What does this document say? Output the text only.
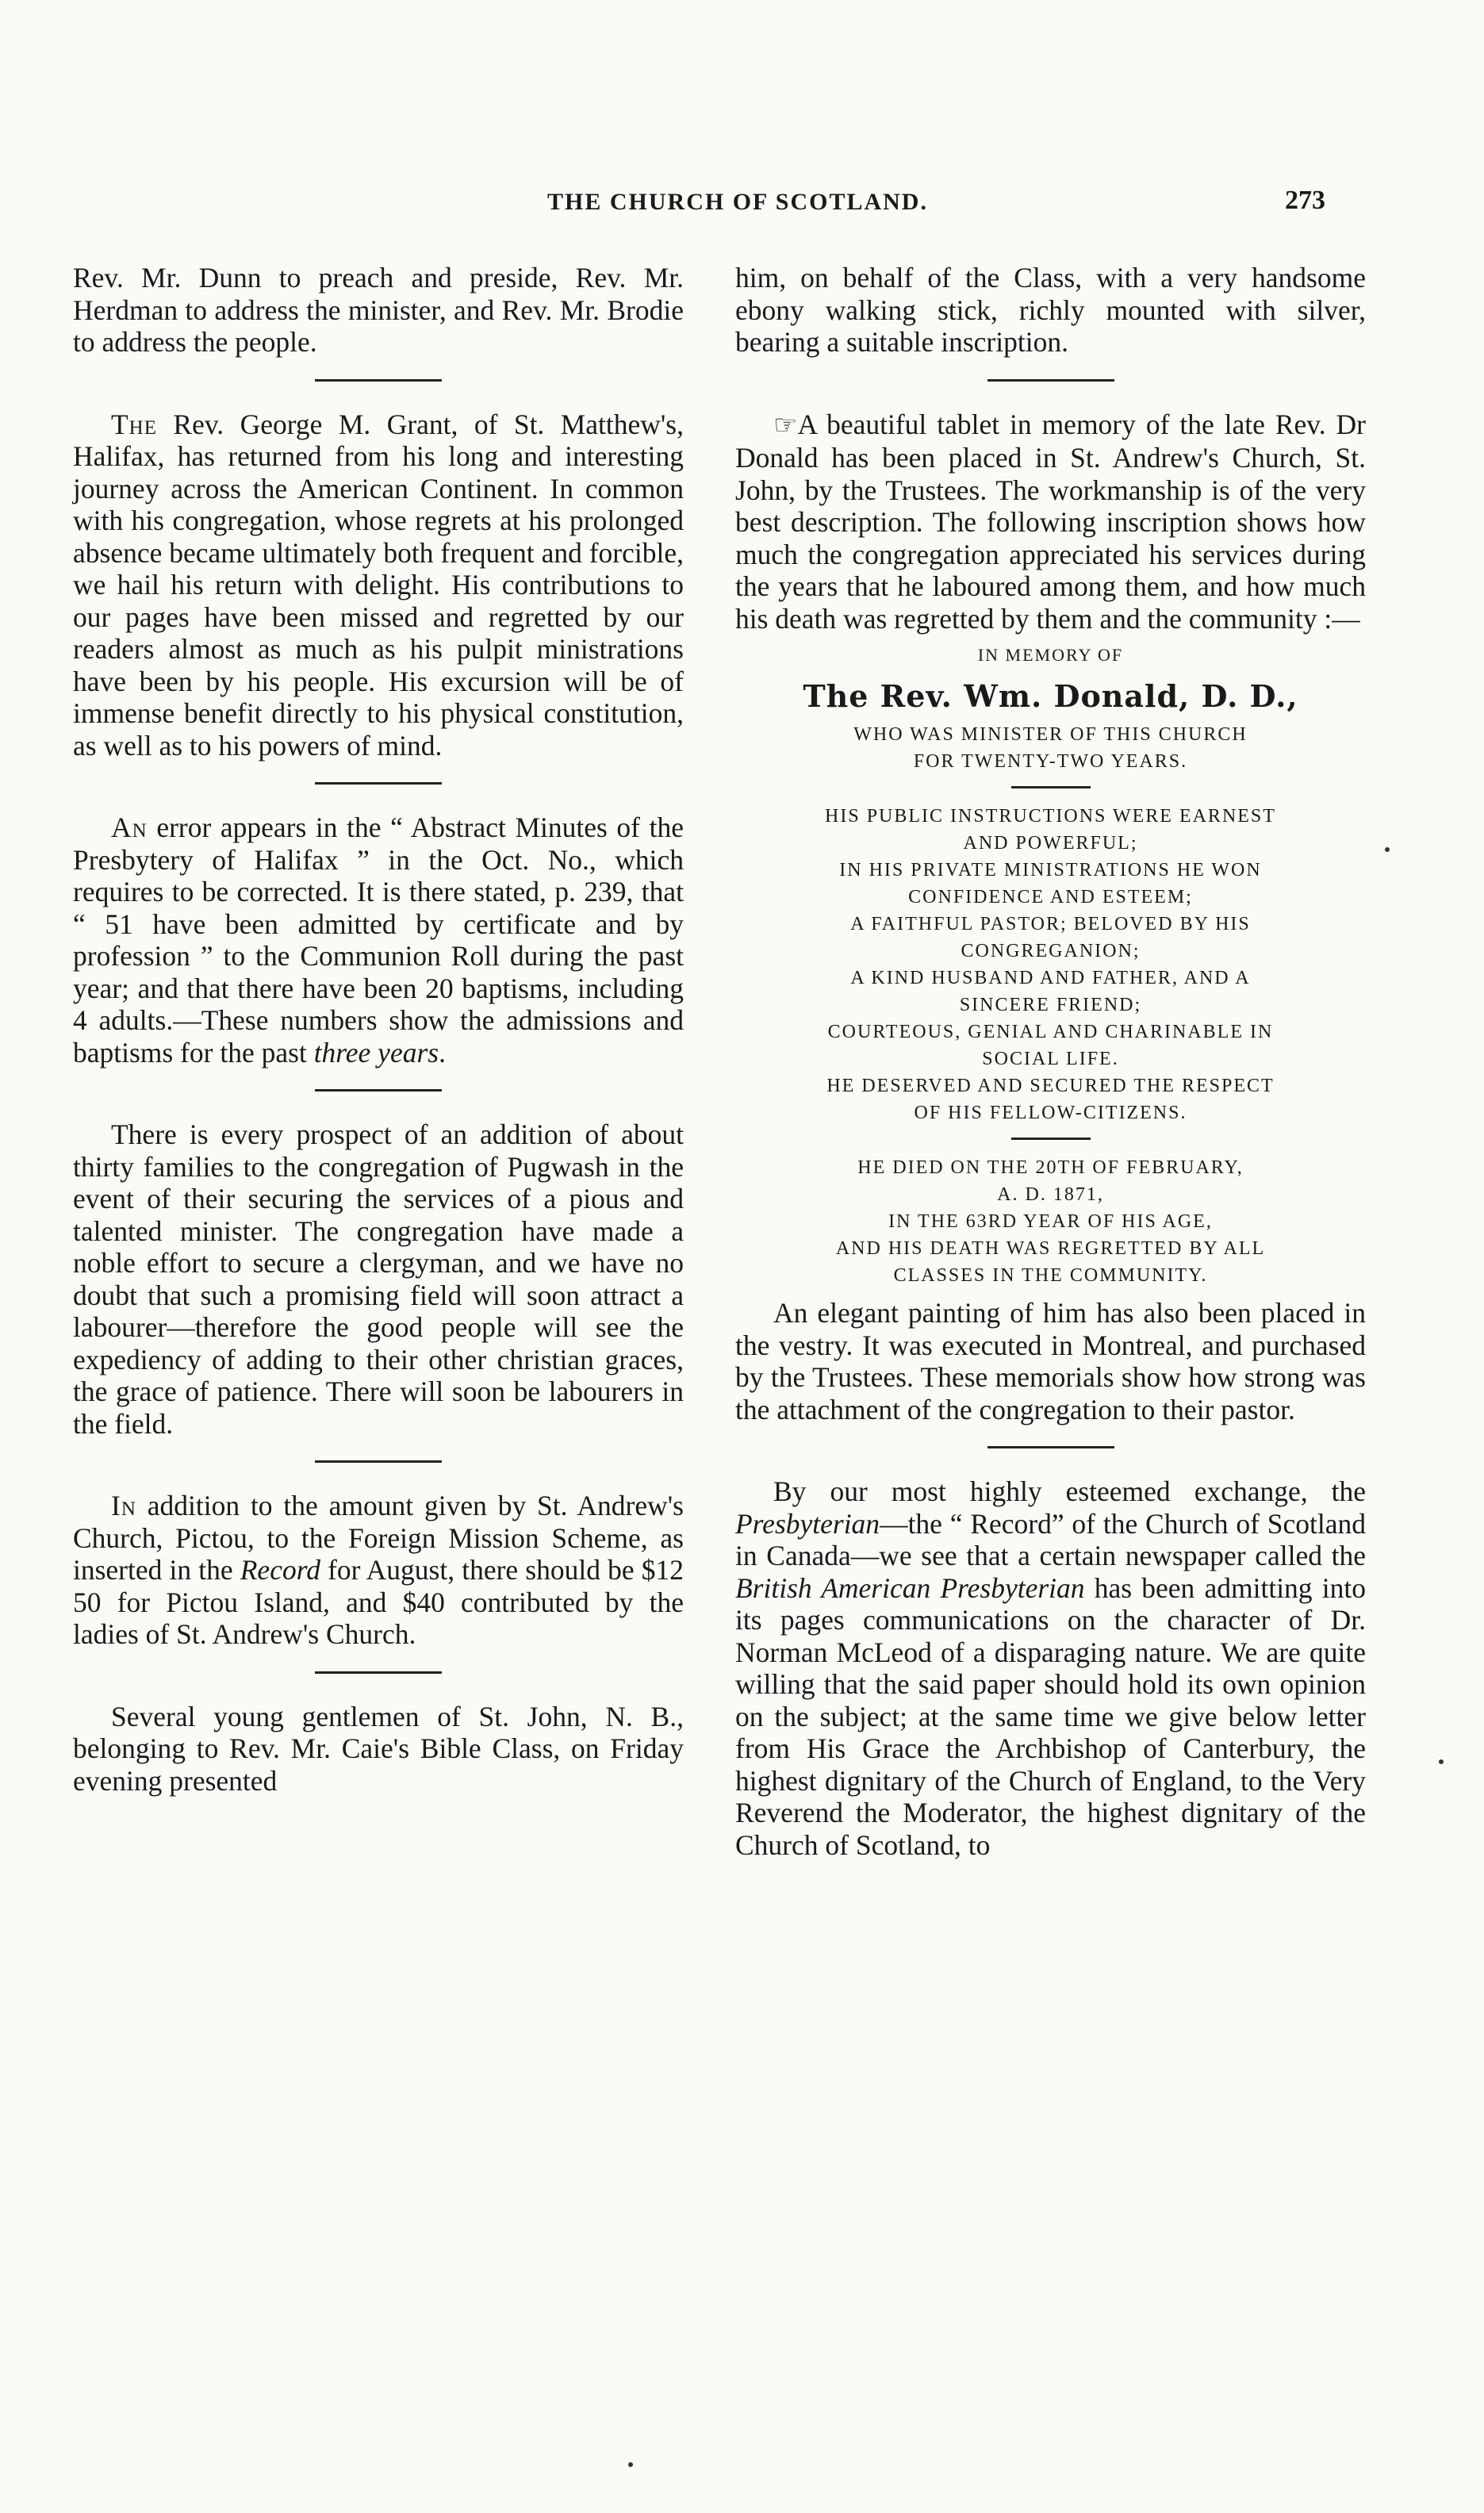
THE CHURCH OF SCOTLAND.	273

Rev. Mr. Dunn to preach and preside, Rev. Mr. Herdman to address the minister, and Rev. Mr. Brodie to address the people.

The Rev. George M. Grant, of St. Matthew's, Halifax, has returned from his long and interesting journey across the American Continent. In common with his congregation, whose regrets at his prolonged absence became ultimately both frequent and forcible, we hail his return with delight. His contributions to our pages have been missed and regretted by our readers almost as much as his pulpit ministrations have been by his people. His excursion will be of immense benefit directly to his physical constitution, as well as to his powers of mind.

An error appears in the “ Abstract Minutes of the Presbytery of Halifax ” in the Oct. No., which requires to be corrected. It is there stated, p. 239, that “ 51 have been admitted by certificate and by profession ” to the Communion Roll during the past year; and that there have been 20 baptisms, including 4 adults.—These numbers show the admissions and baptisms for the past three years.

There is every prospect of an addition of about thirty families to the congregation of Pugwash in the event of their securing the services of a pious and talented minister. The congregation have made a noble effort to secure a clergyman, and we have no doubt that such a promising field will soon attract a labourer—therefore the good people will see the expediency of adding to their other christian graces, the grace of patience. There will soon be labourers in the field.

In addition to the amount given by St. Andrew's Church, Pictou, to the Foreign Mission Scheme, as inserted in the Record for August, there should be $12 50 for Pictou Island, and $40 contributed by the ladies of St. Andrew's Church.

Several young gentlemen of St. John, N. B., belonging to Rev. Mr. Caie's Bible Class, on Friday evening presented

him, on behalf of the Class, with a very handsome ebony walking stick, richly mounted with silver, bearing a suitable inscription.

☞A beautiful tablet in memory of the late Rev. Dr Donald has been placed in St. Andrew's Church, St. John, by the Trustees. The workmanship is of the very best description. The following inscription shows how much the congregation appreciated his services during the years that he laboured among them, and how much his death was regretted by them and the community :—

IN MEMORY OF
The Rev. Wm. Donald, D. D.,
WHO WAS MINISTER OF THIS CHURCH
FOR TWENTY-TWO YEARS.
HIS PUBLIC INSTRUCTIONS WERE EARNEST
AND POWERFUL;
IN HIS PRIVATE MINISTRATIONS HE WON
CONFIDENCE AND ESTEEM;
A FAITHFUL PASTOR; BELOVED BY HIS
CONGREGANION;
A KIND HUSBAND AND FATHER, AND A
SINCERE FRIEND;
COURTEOUS, GENIAL AND CHARINABLE IN
SOCIAL LIFE.
HE DESERVED AND SECURED THE RESPECT
OF HIS FELLOW-CITIZENS.
HE DIED ON THE 20TH OF FEBRUARY,
A. D. 1871,
IN THE 63RD YEAR OF HIS AGE,
AND HIS DEATH WAS REGRETTED BY ALL
CLASSES IN THE COMMUNITY.

An elegant painting of him has also been placed in the vestry. It was executed in Montreal, and purchased by the Trustees. These memorials show how strong was the attachment of the congregation to their pastor.

By our most highly esteemed exchange, the Presbyterian—the “ Record” of the Church of Scotland in Canada—we see that a certain newspaper called the British American Presbyterian has been admitting into its pages communications on the character of Dr. Norman McLeod of a disparaging nature. We are quite willing that the said paper should hold its own opinion on the subject; at the same time we give below letter from His Grace the Archbishop of Canterbury, the highest dignitary of the Church of England, to the Very Reverend the Moderator, the highest dignitary of the Church of Scotland, to
